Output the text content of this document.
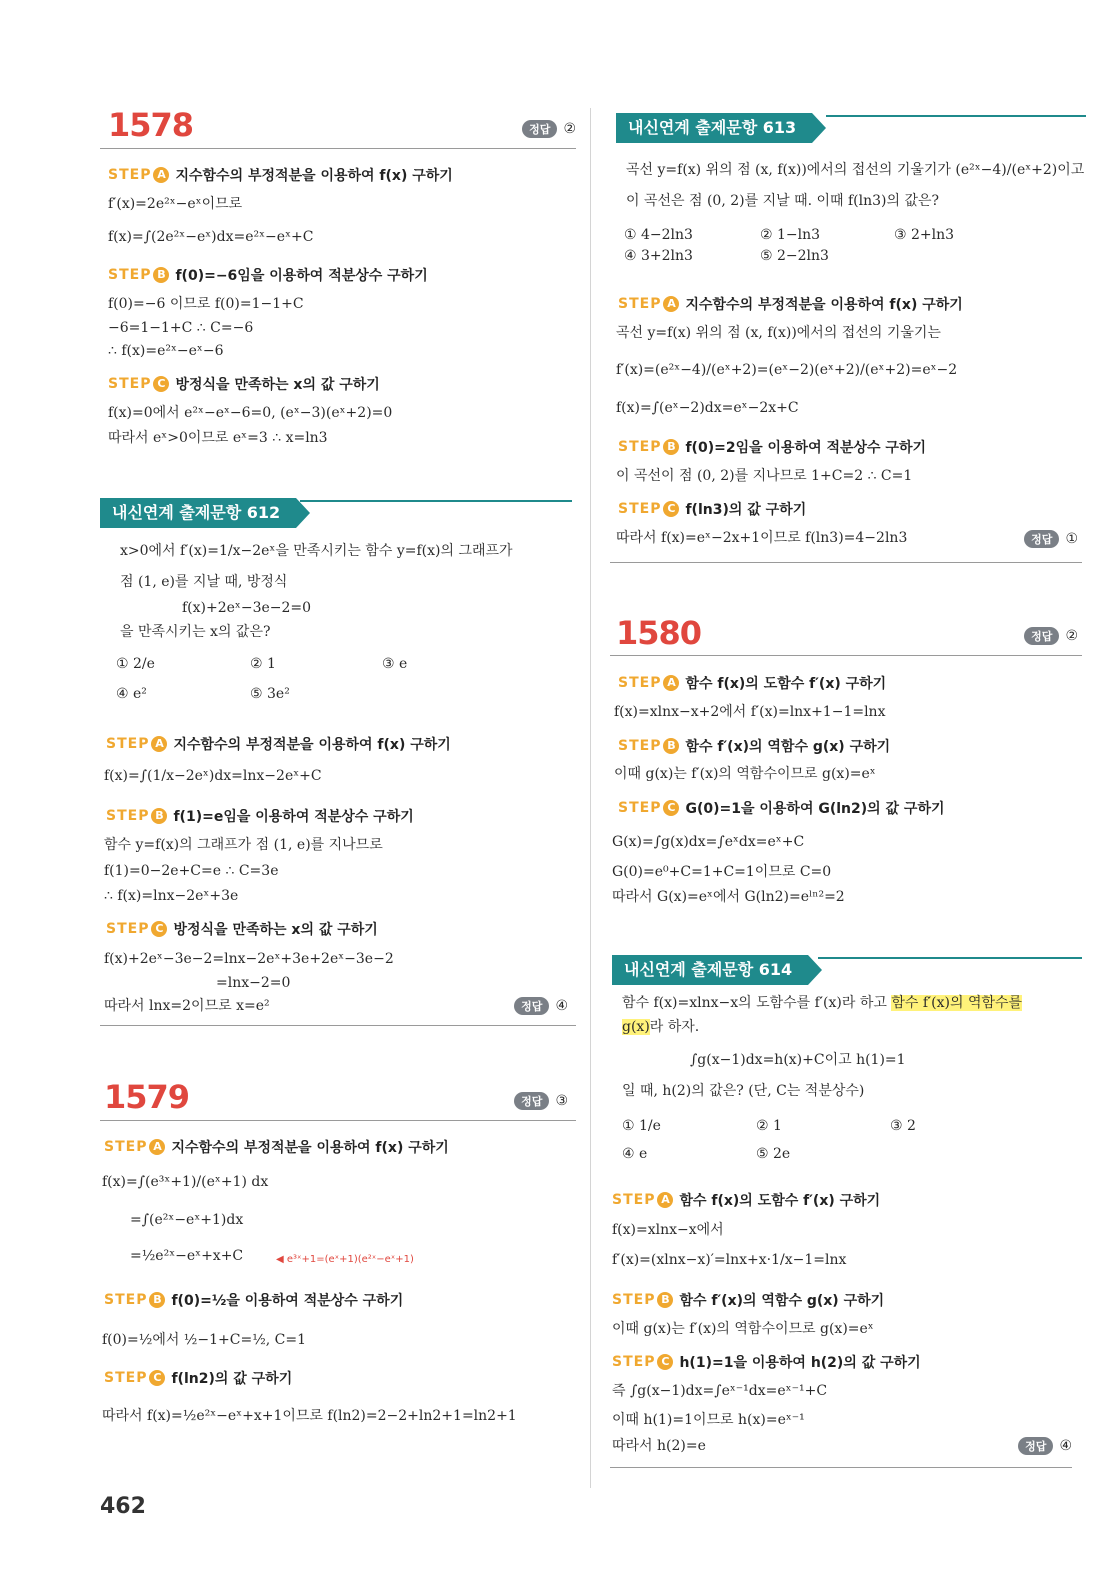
1578	정답 ②
STEP A 지수함수의 부정적분을 이용하여 f(x) 구하기
f′(x)=2e²ˣ−eˣ이므로
f(x)=∫(2e²ˣ−eˣ)dx=e²ˣ−eˣ+C
STEP B f(0)=−6임을 이용하여 적분상수 구하기
f(0)=−6 이므로 f(0)=1−1+C
−6=1−1+C ∴ C=−6
∴ f(x)=e²ˣ−eˣ−6
STEP C 방정식을 만족하는 x의 값 구하기
f(x)=0에서 e²ˣ−eˣ−6=0, (eˣ−3)(eˣ+2)=0
따라서 eˣ>0이므로 eˣ=3 ∴ x=ln3
내신연계 출제문항 612
x>0에서 f′(x)=1/x−2eˣ을 만족시키는 함수 y=f(x)의 그래프가
점 (1, e)를 지날 때, 방정식
f(x)+2eˣ−3e−2=0
을 만족시키는 x의 값은?
① 2/e	② 1	③ e
④ e²	⑤ 3e²
STEP A 지수함수의 부정적분을 이용하여 f(x) 구하기
f(x)=∫(1/x−2eˣ)dx=lnx−2eˣ+C
STEP B f(1)=e임을 이용하여 적분상수 구하기
함수 y=f(x)의 그래프가 점 (1, e)를 지나므로
f(1)=0−2e+C=e ∴ C=3e
∴ f(x)=lnx−2eˣ+3e
STEP C 방정식을 만족하는 x의 값 구하기
f(x)+2eˣ−3e−2=lnx−2eˣ+3e+2eˣ−3e−2
=lnx−2=0
따라서 lnx=2이므로 x=e²	정답 ④
1579	정답 ③
STEP A 지수함수의 부정적분을 이용하여 f(x) 구하기
f(x)=∫(e³ˣ+1)/(eˣ+1) dx
=∫(e²ˣ−eˣ+1)dx
=½e²ˣ−eˣ+x+C	◀ e³ˣ+1=(eˣ+1)(e²ˣ−eˣ+1)
STEP B f(0)=½을 이용하여 적분상수 구하기
f(0)=½에서 ½−1+C=½, C=1
STEP C f(ln2)의 값 구하기
따라서 f(x)=½e²ˣ−eˣ+x+1이므로 f(ln2)=2−2+ln2+1=ln2+1
내신연계 출제문항 613
곡선 y=f(x) 위의 점 (x, f(x))에서의 접선의 기울기가 (e²ˣ−4)/(eˣ+2)이고
이 곡선은 점 (0, 2)를 지날 때. 이때 f(ln3)의 값은?
① 4−2ln3	② 1−ln3	③ 2+ln3
④ 3+2ln3	⑤ 2−2ln3
STEP A 지수함수의 부정적분을 이용하여 f(x) 구하기
곡선 y=f(x) 위의 점 (x, f(x))에서의 접선의 기울기는
f′(x)=(e²ˣ−4)/(eˣ+2)=(eˣ−2)(eˣ+2)/(eˣ+2)=eˣ−2
f(x)=∫(eˣ−2)dx=eˣ−2x+C
STEP B f(0)=2임을 이용하여 적분상수 구하기
이 곡선이 점 (0, 2)를 지나므로 1+C=2 ∴ C=1
STEP C f(ln3)의 값 구하기
따라서 f(x)=eˣ−2x+1이므로 f(ln3)=4−2ln3	정답 ①
1580	정답 ②
STEP A 함수 f(x)의 도함수 f′(x) 구하기
f(x)=xlnx−x+2에서 f′(x)=lnx+1−1=lnx
STEP B 함수 f′(x)의 역함수 g(x) 구하기
이때 g(x)는 f′(x)의 역함수이므로 g(x)=eˣ
STEP C G(0)=1을 이용하여 G(ln2)의 값 구하기
G(x)=∫g(x)dx=∫eˣdx=eˣ+C
G(0)=e⁰+C=1+C=1이므로 C=0
따라서 G(x)=eˣ에서 G(ln2)=eˡⁿ²=2
내신연계 출제문항 614
함수 f(x)=xlnx−x의 도함수를 f′(x)라 하고 함수 f′(x)의 역함수를
g(x)라 하자.
∫g(x−1)dx=h(x)+C이고 h(1)=1
일 때, h(2)의 값은? (단, C는 적분상수)
① 1/e	② 1	③ 2
④ e	⑤ 2e
STEP A 함수 f(x)의 도함수 f′(x) 구하기
f(x)=xlnx−x에서
f′(x)=(xlnx−x)′=lnx+x·1/x−1=lnx
STEP B 함수 f′(x)의 역함수 g(x) 구하기
이때 g(x)는 f′(x)의 역함수이므로 g(x)=eˣ
STEP C h(1)=1을 이용하여 h(2)의 값 구하기
즉 ∫g(x−1)dx=∫eˣ⁻¹dx=eˣ⁻¹+C
이때 h(1)=1이므로 h(x)=eˣ⁻¹
따라서 h(2)=e	정답 ④
462
